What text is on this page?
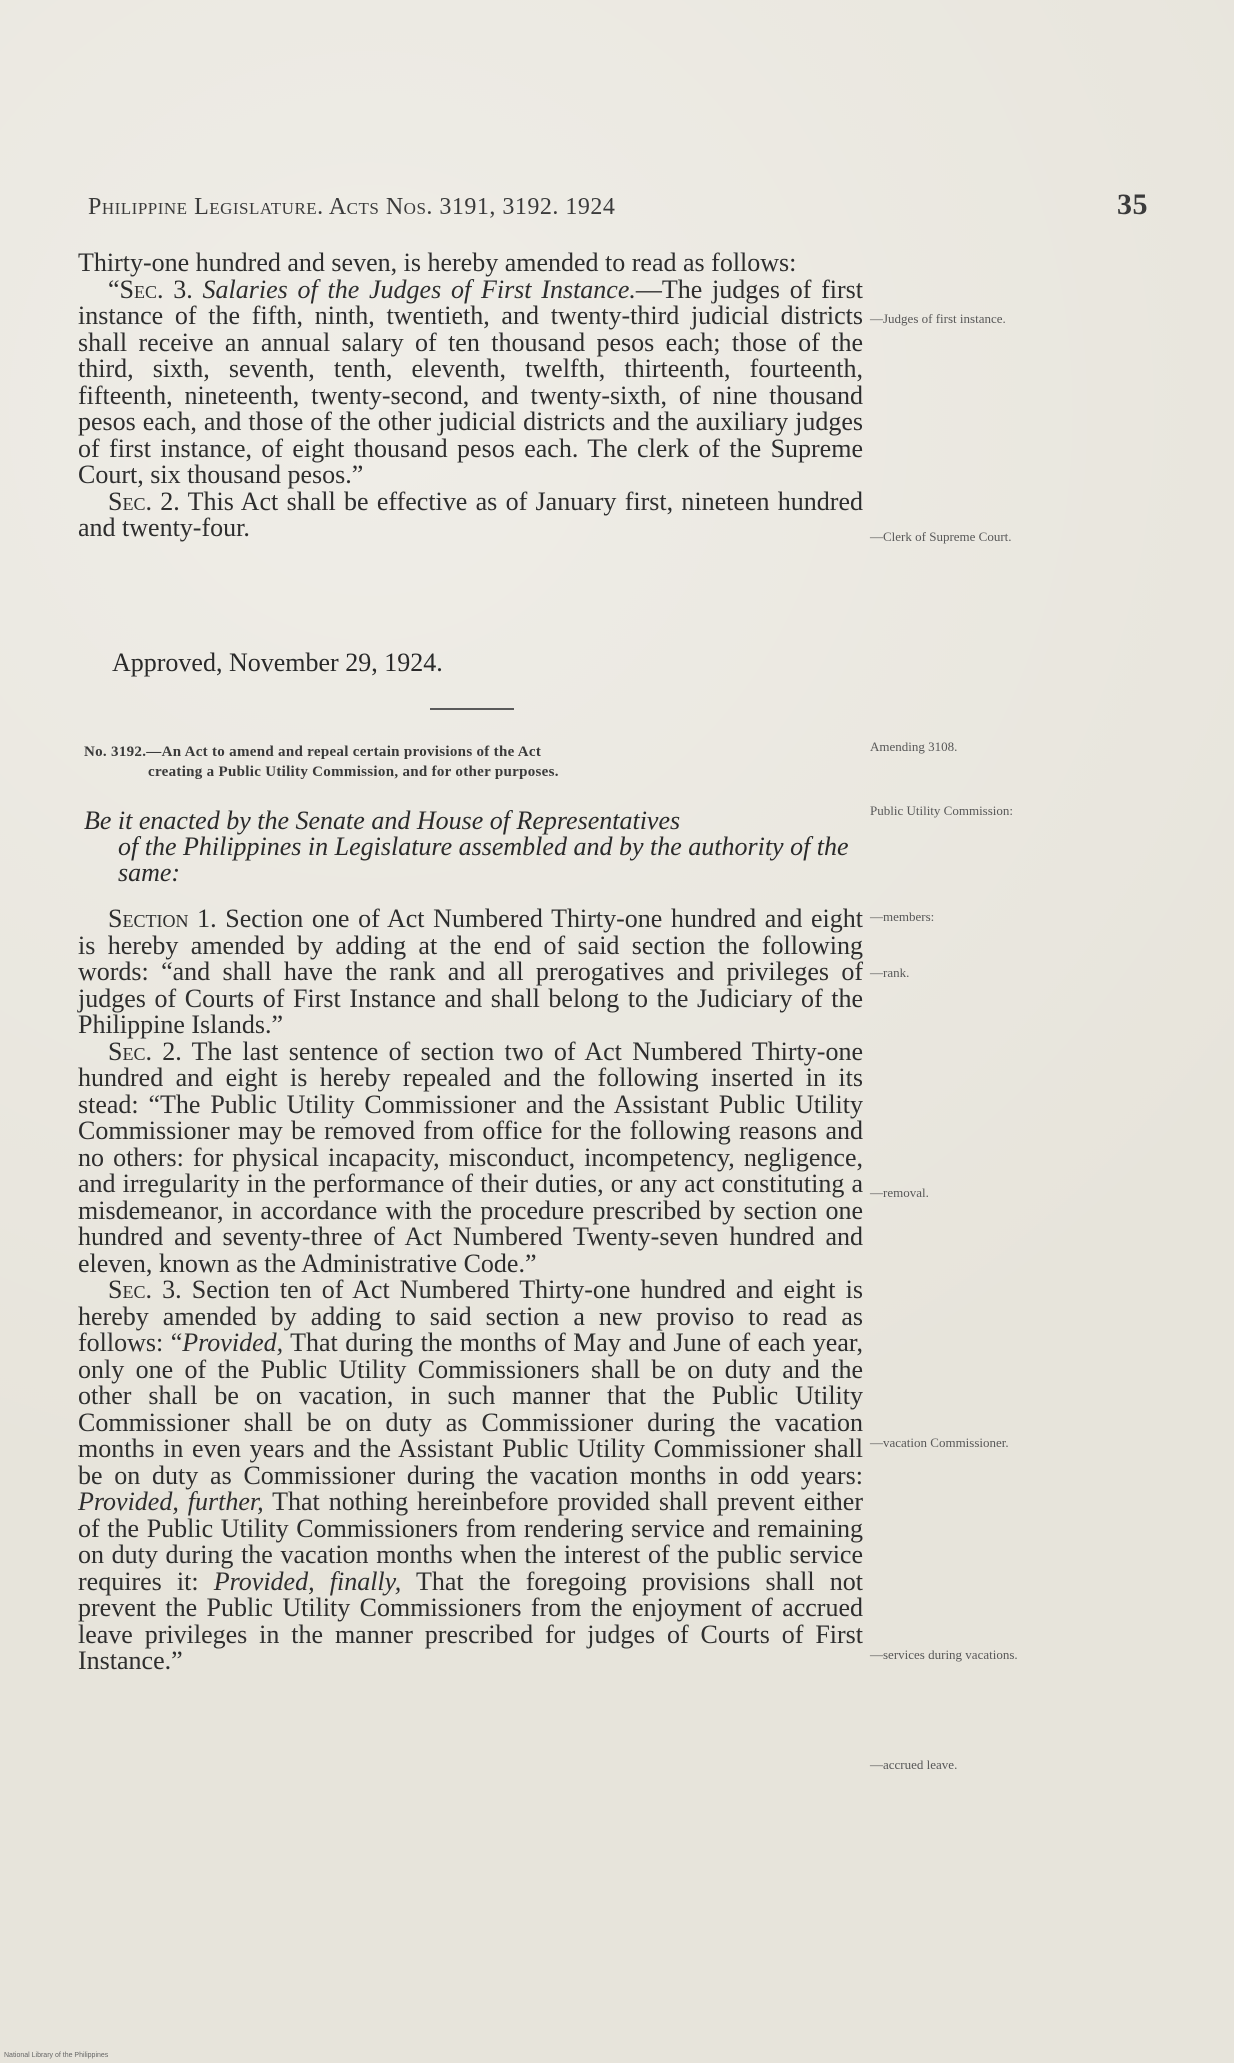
Philippine Legislature. Acts Nos. 3191, 3192. 1924	35

Thirty-one hundred and seven, is hereby amended to read as follows:

“Sec. 3. Salaries of the Judges of First Instance.—The judges of first instance of the fifth, ninth, twentieth, and twenty-third judicial districts shall receive an annual salary of ten thousand pesos each; those of the third, sixth, seventh, tenth, eleventh, twelfth, thirteenth, fourteenth, fifteenth, nineteenth, twenty-second, and twenty-sixth, of nine thousand pesos each, and those of the other judicial districts and the auxiliary judges of first instance, of eight thousand pesos each. The clerk of the Supreme Court, six thousand pesos.”

Sec. 2. This Act shall be effective as of January first, nineteen hundred and twenty-four.

Approved, November 29, 1924.
No. 3192.—An Act to amend and repeal certain provisions of the Act
creating a Public Utility Commission, and for other purposes.
Be it enacted by the Senate and House of Representatives
of the Philippines in Legislature assembled and by the authority of the same:

Section 1. Section one of Act Numbered Thirty-one hundred and eight is hereby amended by adding at the end of said section the following words: “and shall have the rank and all prerogatives and privileges of judges of Courts of First Instance and shall belong to the Judiciary of the Philippine Islands.”

Sec. 2. The last sentence of section two of Act Numbered Thirty-one hundred and eight is hereby repealed and the following inserted in its stead: “The Public Utility Commissioner and the Assistant Public Utility Commissioner may be removed from office for the following reasons and no others: for physical incapacity, misconduct, incompetency, negligence, and irregularity in the performance of their duties, or any act constituting a misdemeanor, in accordance with the procedure prescribed by section one hundred and seventy-three of Act Numbered Twenty-seven hundred and eleven, known as the Administrative Code.”

Sec. 3. Section ten of Act Numbered Thirty-one hundred and eight is hereby amended by adding to said section a new proviso to read as follows: “Provided, That during the months of May and June of each year, only one of the Public Utility Commissioners shall be on duty and the other shall be on vacation, in such manner that the Public Utility Commissioner shall be on duty as Commissioner during the vacation months in even years and the Assistant Public Utility Commissioner shall be on duty as Commissioner during the vacation months in odd years: Provided, further, That nothing hereinbefore provided shall prevent either of the Public Utility Commissioners from rendering service and remaining on duty during the vacation months when the interest of the public service requires it: Provided, finally, That the foregoing provisions shall not prevent the Public Utility Commissioners from the enjoyment of accrued leave privileges in the manner prescribed for judges of Courts of First Instance.”

—Judges of first instance.
—Clerk of Supreme Court.
Amending 3108.
Public Utility Commission:
—members:
—rank.
—removal.
—vacation Commissioner.
—services during vacations.
—accrued leave.
National Library of the Philippines
